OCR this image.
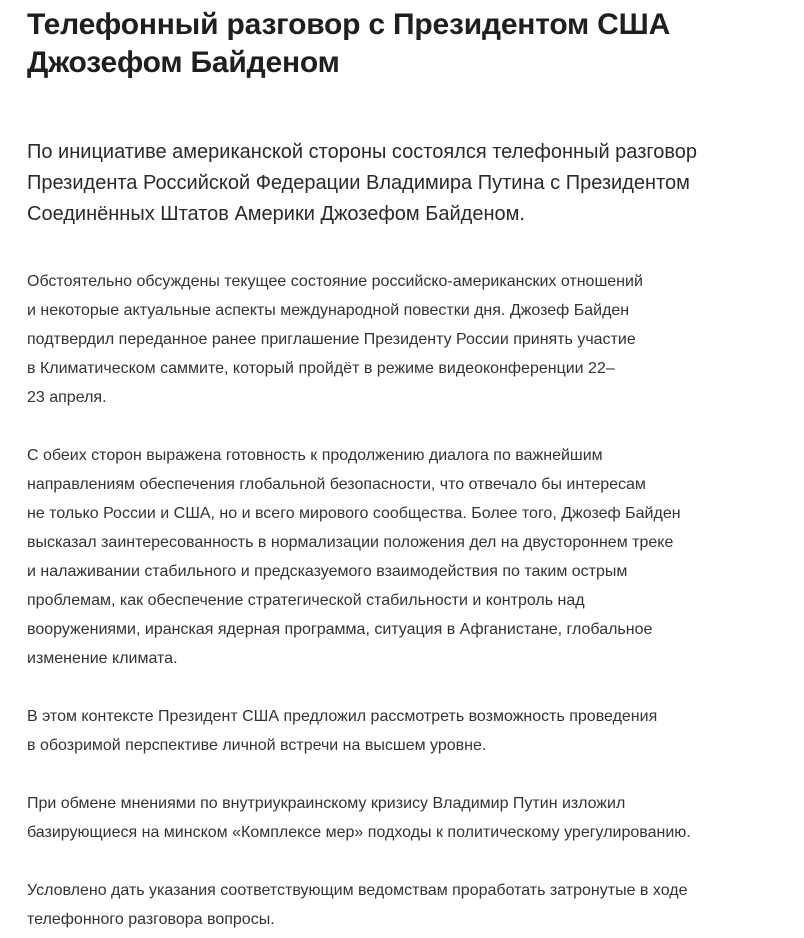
Телефонный разговор с Президентом США
Джозефом Байденом

По инициативе американской стороны состоялся телефонный разговор
Президента Российской Федерации Владимира Путина с Президентом
Соединённых Штатов Америки Джозефом Байденом.

Обстоятельно обсуждены текущее состояние российско-американских отношений
и некоторые актуальные аспекты международной повестки дня. Джозеф Байден
подтвердил переданное ранее приглашение Президенту России принять участие
в Климатическом саммите, который пройдёт в режиме видеоконференции 22–
23 апреля.

С обеих сторон выражена готовность к продолжению диалога по важнейшим
направлениям обеспечения глобальной безопасности, что отвечало бы интересам
не только России и США, но и всего мирового сообщества. Более того, Джозеф Байден
высказал заинтересованность в нормализации положения дел на двустороннем треке
и налаживании стабильного и предсказуемого взаимодействия по таким острым
проблемам, как обеспечение стратегической стабильности и контроль над
вооружениями, иранская ядерная программа, ситуация в Афганистане, глобальное
изменение климата.

В этом контексте Президент США предложил рассмотреть возможность проведения
в обозримой перспективе личной встречи на высшем уровне.

При обмене мнениями по внутриукраинскому кризису Владимир Путин изложил
базирующиеся на минском «Комплексе мер» подходы к политическому урегулированию.

Условлено дать указания соответствующим ведомствам проработать затронутые в ходе
телефонного разговора вопросы.
